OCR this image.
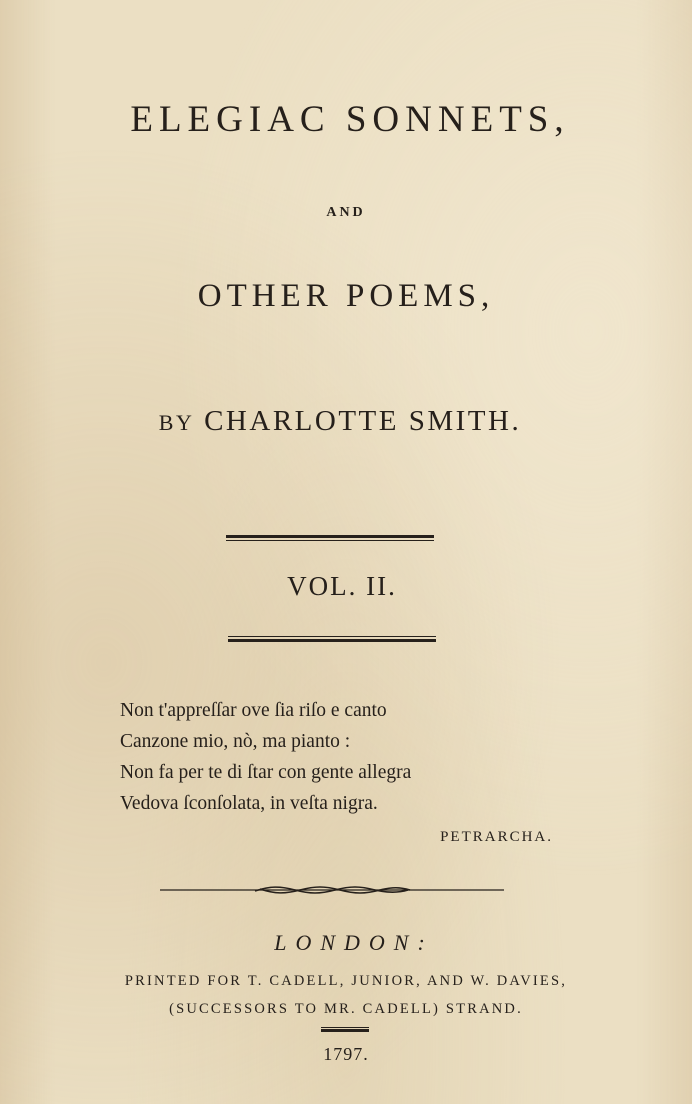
ELEGIAC SONNETS,
AND
OTHER POEMS,
BY CHARLOTTE SMITH.
VOL. II.
Non t'appreſſar ove ſia riſo e canto
Canzone mio, nò, ma pianto :
Non fa per te di ſtar con gente allegra
Vedova ſconſolata, in veſta nigra.
PETRARCHA.
LONDON:
PRINTED FOR T. CADELL, JUNIOR, AND W. DAVIES,
(SUCCESSORS TO MR. CADELL) STRAND.
1797.
